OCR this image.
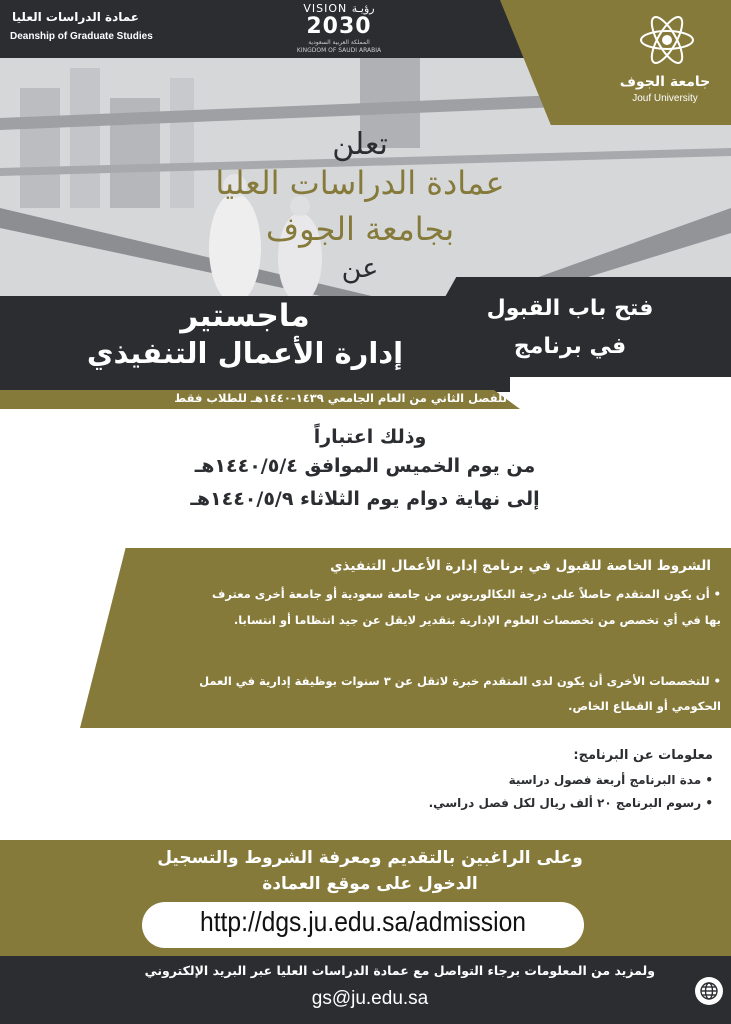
جامعة الجوف
Jouf University
VISION رؤيـة
2030
المملكة العربية السعودية KINGDOM OF SAUDI ARABIA
عمادة الدراسات العليا
Deanship of Graduate Studies
تعلن
عمادة الدراسات العليا
بجامعة الجوف
عن
ماجستير
إدارة الأعمال التنفيذي
فتح باب القبول
في برنامج
للفصل الثاني من العام الجامعي ١٤٣٩-١٤٤٠هـ للطلاب فقط
وذلك اعتباراً
من يوم الخميس الموافق ١٤٤٠/٥/٤هـ
إلى نهاية دوام يوم الثلاثاء ١٤٤٠/٥/٩هـ
الشروط الخاصة للقبول في برنامج إدارة الأعمال التنفيذي
• أن يكون المتقدم حاصلاً على درجة البكالوريوس من جامعة سعودية أو جامعة أخرى معترف
بها في أي تخصص من تخصصات العلوم الإدارية بتقدير لايقل عن جيد انتظاما أو انتسابا.
• للتخصصات الأخرى أن يكون لدى المتقدم خبرة لاتقل عن ٣ سنوات بوظيفة إدارية في العمل
الحكومي أو القطاع الخاص.
معلومات عن البرنامج:
• مدة البرنامج أربعة فصول دراسية
• رسوم البرنامج ٢٠ ألف ريال لكل فصل دراسي.
وعلى الراغبين بالتقديم ومعرفة الشروط والتسجيل
الدخول على موقع العمادة
http://dgs.ju.edu.sa/admission
ولمزيد من المعلومات برجاء التواصل مع عمادة الدراسات العليا عبر البريد الإلكتروني
gs@ju.edu.sa
